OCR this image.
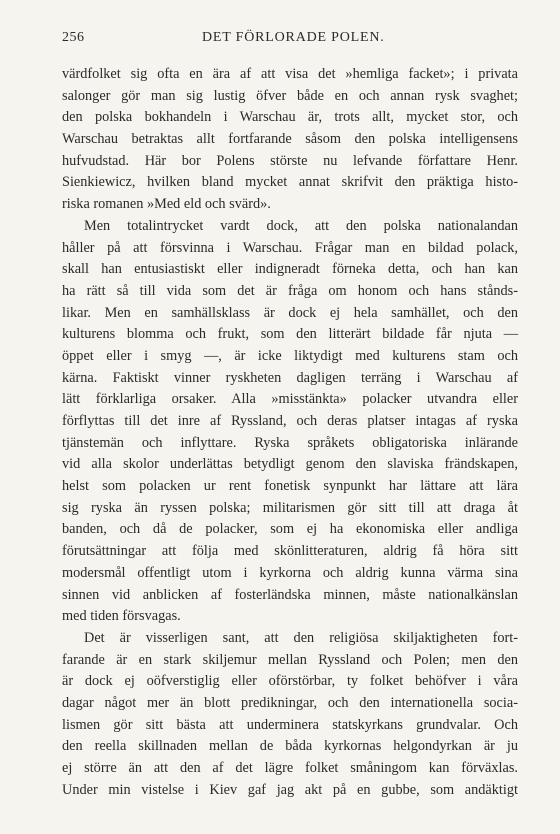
256	DET FÖRLORADE POLEN.
värdfolket sig ofta en ära af att visa det »hemliga facket»; i privata
salonger gör man sig lustig öfver både en och annan rysk svaghet;
den polska bokhandeln i Warschau är, trots allt, mycket stor, och
Warschau betraktas allt fortfarande såsom den polska intelligensens
hufvudstad. Här bor Polens störste nu lefvande författare Henr.
Sienkiewicz, hvilken bland mycket annat skrifvit den präktiga histo-
riska romanen »Med eld och svärd».
Men totalintrycket vardt dock, att den polska nationalandan
håller på att försvinna i Warschau. Frågar man en bildad polack,
skall han entusiastiskt eller indigneradt förneka detta, och han kan
ha rätt så till vida som det är fråga om honom och hans stånds-
likar. Men en samhällsklass är dock ej hela samhället, och den
kulturens blomma och frukt, som den litterärt bildade får njuta —
öppet eller i smyg —, är icke liktydigt med kulturens stam och
kärna. Faktiskt vinner ryskheten dagligen terräng i Warschau af
lätt förklarliga orsaker. Alla »misstänkta» polacker utvandra eller
förflyttas till det inre af Ryssland, och deras platser intagas af ryska
tjänstemän och inflyttare. Ryska språkets obligatoriska inlärande
vid alla skolor underlättas betydligt genom den slaviska frändskapen,
helst som polacken ur rent fonetisk synpunkt har lättare att lära
sig ryska än ryssen polska; militarismen gör sitt till att draga åt
banden, och då de polacker, som ej ha ekonomiska eller andliga
förutsättningar att följa med skönlitteraturen, aldrig få höra sitt
modersmål offentligt utom i kyrkorna och aldrig kunna värma sina
sinnen vid anblicken af fosterländska minnen, måste nationalkänslan
med tiden försvagas.
Det är visserligen sant, att den religiösa skiljaktigheten fort-
farande är en stark skiljemur mellan Ryssland och Polen; men den
är dock ej oöfverstiglig eller oförstörbar, ty folket behöfver i våra
dagar något mer än blott predikningar, och den internationella socia-
lismen gör sitt bästa att underminera statskyrkans grundvalar. Och
den reella skillnaden mellan de båda kyrkornas helgondyrkan är ju
ej större än att den af det lägre folket småningom kan förväxlas.
Under min vistelse i Kiev gaf jag akt på en gubbe, som andäktigt
